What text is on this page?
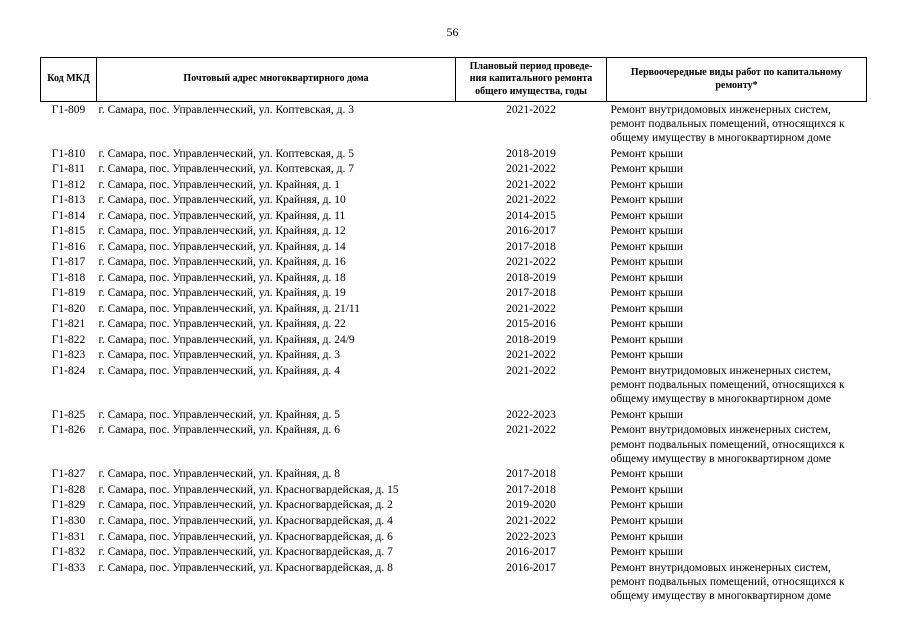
56
Код МКД	Почтовый адрес многоквартирного дома	Плановый период проведе-
ния капитального ремонта
общего имущества, годы	Первоочередные виды работ по капитальному
ремонту*
Г1-809	г. Самара, пос. Управленческий, ул. Коптевская, д. 3	2021-2022	Ремонт внутридомовых инженерных систем,
ремонт подвальных помещений, относящихся к
общему имуществу в многоквартирном доме
Г1-810	г. Самара, пос. Управленческий, ул. Коптевская, д. 5	2018-2019	Ремонт крыши
Г1-811	г. Самара, пос. Управленческий, ул. Коптевская, д. 7	2021-2022	Ремонт крыши
Г1-812	г. Самара, пос. Управленческий, ул. Крайняя, д. 1	2021-2022	Ремонт крыши
Г1-813	г. Самара, пос. Управленческий, ул. Крайняя, д. 10	2021-2022	Ремонт крыши
Г1-814	г. Самара, пос. Управленческий, ул. Крайняя, д. 11	2014-2015	Ремонт крыши
Г1-815	г. Самара, пос. Управленческий, ул. Крайняя, д. 12	2016-2017	Ремонт крыши
Г1-816	г. Самара, пос. Управленческий, ул. Крайняя, д. 14	2017-2018	Ремонт крыши
Г1-817	г. Самара, пос. Управленческий, ул. Крайняя, д. 16	2021-2022	Ремонт крыши
Г1-818	г. Самара, пос. Управленческий, ул. Крайняя, д. 18	2018-2019	Ремонт крыши
Г1-819	г. Самара, пос. Управленческий, ул. Крайняя, д. 19	2017-2018	Ремонт крыши
Г1-820	г. Самара, пос. Управленческий, ул. Крайняя, д. 21/11	2021-2022	Ремонт крыши
Г1-821	г. Самара, пос. Управленческий, ул. Крайняя, д. 22	2015-2016	Ремонт крыши
Г1-822	г. Самара, пос. Управленческий, ул. Крайняя, д. 24/9	2018-2019	Ремонт крыши
Г1-823	г. Самара, пос. Управленческий, ул. Крайняя, д. 3	2021-2022	Ремонт крыши
Г1-824	г. Самара, пос. Управленческий, ул. Крайняя, д. 4	2021-2022	Ремонт внутридомовых инженерных систем,
ремонт подвальных помещений, относящихся к
общему имуществу в многоквартирном доме
Г1-825	г. Самара, пос. Управленческий, ул. Крайняя, д. 5	2022-2023	Ремонт крыши
Г1-826	г. Самара, пос. Управленческий, ул. Крайняя, д. 6	2021-2022	Ремонт внутридомовых инженерных систем,
ремонт подвальных помещений, относящихся к
общему имуществу в многоквартирном доме
Г1-827	г. Самара, пос. Управленческий, ул. Крайняя, д. 8	2017-2018	Ремонт крыши
Г1-828	г. Самара, пос. Управленческий, ул. Красногвардейская, д. 15	2017-2018	Ремонт крыши
Г1-829	г. Самара, пос. Управленческий, ул. Красногвардейская, д. 2	2019-2020	Ремонт крыши
Г1-830	г. Самара, пос. Управленческий, ул. Красногвардейская, д. 4	2021-2022	Ремонт крыши
Г1-831	г. Самара, пос. Управленческий, ул. Красногвардейская, д. 6	2022-2023	Ремонт крыши
Г1-832	г. Самара, пос. Управленческий, ул. Красногвардейская, д. 7	2016-2017	Ремонт крыши
Г1-833	г. Самара, пос. Управленческий, ул. Красногвардейская, д. 8	2016-2017	Ремонт внутридомовых инженерных систем,
ремонт подвальных помещений, относящихся к
общему имуществу в многоквартирном доме
